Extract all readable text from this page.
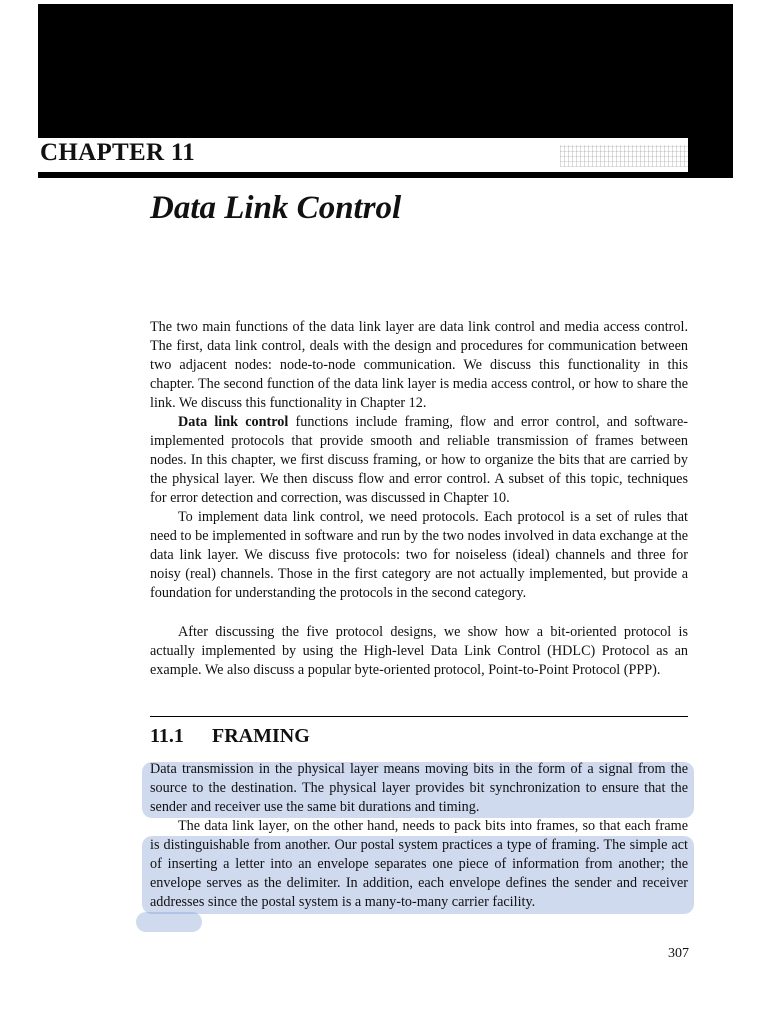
CHAPTER 11
Data Link Control

The two main functions of the data link layer are data link control and media access control. The first, data link control, deals with the design and procedures for communication between two adjacent nodes: node-to-node communication. We discuss this functionality in this chapter. The second function of the data link layer is media access control, or how to share the link. We discuss this functionality in Chapter 12.

Data link control functions include framing, flow and error control, and software-implemented protocols that provide smooth and reliable transmission of frames between nodes. In this chapter, we first discuss framing, or how to organize the bits that are carried by the physical layer. We then discuss flow and error control. A subset of this topic, techniques for error detection and correction, was discussed in Chapter 10.

To implement data link control, we need protocols. Each protocol is a set of rules that need to be implemented in software and run by the two nodes involved in data exchange at the data link layer. We discuss five protocols: two for noiseless (ideal) channels and three for noisy (real) channels. Those in the first category are not actually implemented, but provide a foundation for understanding the protocols in the second category.

After discussing the five protocol designs, we show how a bit-oriented protocol is actually implemented by using the High-level Data Link Control (HDLC) Protocol as an example. We also discuss a popular byte-oriented protocol, Point-to-Point Protocol (PPP).

11.1 FRAMING

Data transmission in the physical layer means moving bits in the form of a signal from the source to the destination. The physical layer provides bit synchronization to ensure that the sender and receiver use the same bit durations and timing.

The data link layer, on the other hand, needs to pack bits into frames, so that each frame is distinguishable from another. Our postal system practices a type of framing. The simple act of inserting a letter into an envelope separates one piece of information from another; the envelope serves as the delimiter. In addition, each envelope defines the sender and receiver addresses since the postal system is a many-to-many carrier facility.

307
